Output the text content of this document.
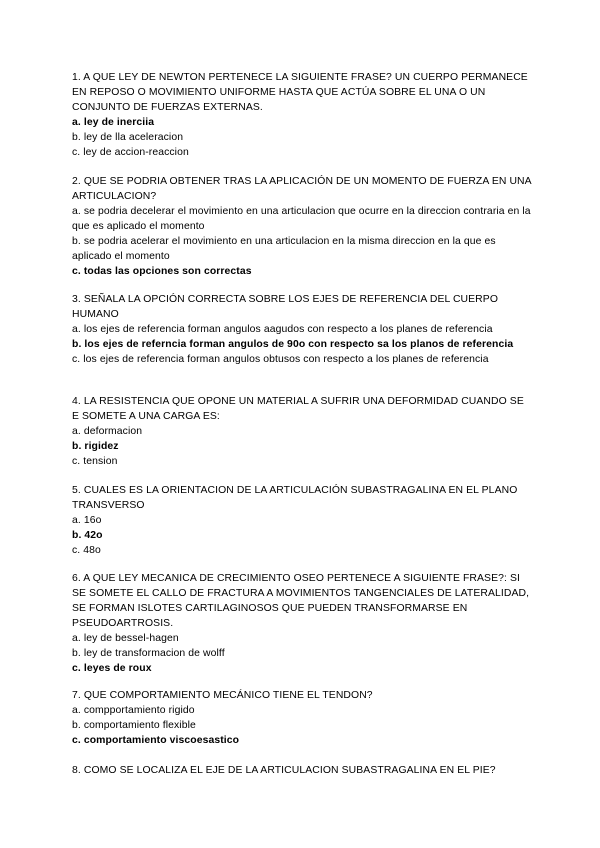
1. A QUE LEY DE NEWTON PERTENECE LA SIGUIENTE FRASE? UN CUERPO PERMANECE EN REPOSO O MOVIMIENTO UNIFORME HASTA QUE ACTÚA SOBRE EL UNA O UN CONJUNTO DE FUERZAS EXTERNAS.
a. ley de inerciia
b. ley de lla aceleracion
c. ley de accion-reaccion
2. QUE SE PODRIA OBTENER TRAS LA APLICACIÓN DE UN MOMENTO DE FUERZA EN UNA ARTICULACION?
a. se podria decelerar el movimiento en una articulacion que ocurre en la direccion contraria en la que es aplicado el momento
b. se podria acelerar el movimiento en una articulacion en la misma direccion en la que es aplicado el momento
c. todas las opciones son correctas
3. SEÑALA LA OPCIÓN CORRECTA SOBRE LOS EJES DE REFERENCIA DEL CUERPO HUMANO
a. los ejes de referencia forman angulos aagudos con respecto a los planes de referencia
b. los ejes de referncia forman angulos de 90o con respecto sa los planos de referencia
c. los ejes de referencia forman angulos obtusos con respecto a los planes de referencia
4. LA RESISTENCIA QUE OPONE UN MATERIAL A SUFRIR UNA DEFORMIDAD CUANDO SE E SOMETE A UNA CARGA ES:
a. deformacion
b. rigidez
c. tension
5. CUALES ES LA ORIENTACION DE LA ARTICULACIÓN SUBASTRAGALINA EN EL PLANO TRANSVERSO
a. 16o
b. 42o
c. 48o
6. A QUE LEY MECANICA DE CRECIMIENTO OSEO PERTENECE A SIGUIENTE FRASE?: SI SE SOMETE EL CALLO DE FRACTURA A MOVIMIENTOS TANGENCIALES DE LATERALIDAD, SE FORMAN ISLOTES CARTILAGINOSOS QUE PUEDEN TRANSFORMARSE EN PSEUDOARTROSIS.
a. ley de bessel-hagen
b. ley de transformacion de wolff
c. leyes de roux
7. QUE COMPORTAMIENTO MECÁNICO TIENE EL TENDON?
a. compportamiento rigido
b. comportamiento flexible
c. comportamiento viscoesastico
8. COMO SE LOCALIZA EL EJE DE LA ARTICULACION SUBASTRAGALINA EN EL PIE?
